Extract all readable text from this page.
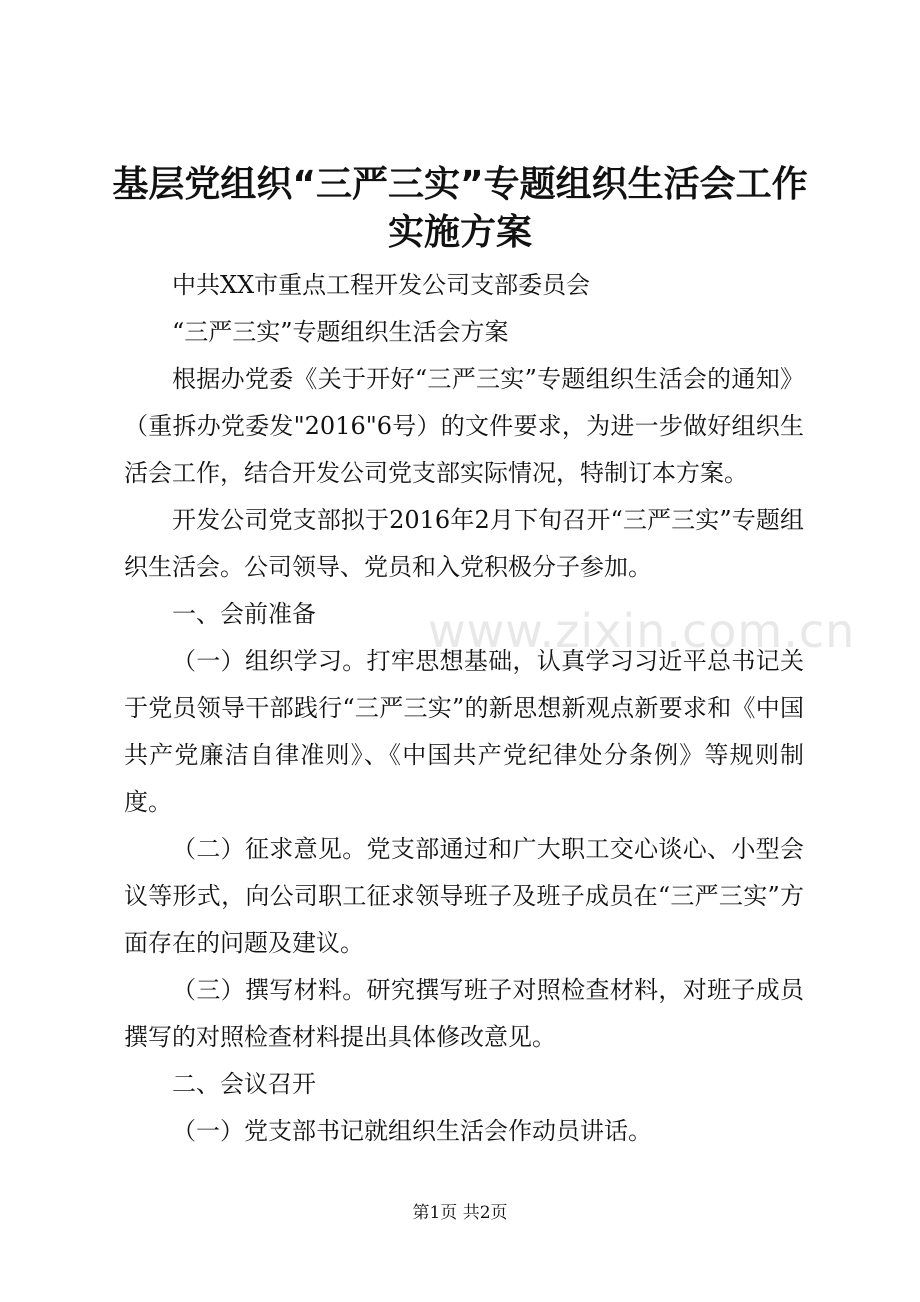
基层党组织“三严三实”专题组织生活会工作
实施方案

中共XX市重点工程开发公司支部委员会

“三严三实”专题组织生活会方案

根据办党委《关于开好“三严三实”专题组织生活会的通知》（重拆办党委发"2016"6号）的文件要求，为进一步做好组织生活会工作，结合开发公司党支部实际情况，特制订本方案。

开发公司党支部拟于2016年2月下旬召开“三严三实”专题组织生活会。公司领导、党员和入党积极分子参加。

一、会前准备

（一）组织学习。打牢思想基础，认真学习习近平总书记关于党员领导干部践行“三严三实”的新思想新观点新要求和《中国共产党廉洁自律准则》、《中国共产党纪律处分条例》等规则制度。

（二）征求意见。党支部通过和广大职工交心谈心、小型会议等形式，向公司职工征求领导班子及班子成员在“三严三实”方面存在的问题及建议。

（三）撰写材料。研究撰写班子对照检查材料，对班子成员撰写的对照检查材料提出具体修改意见。

二、会议召开

（一）党支部书记就组织生活会作动员讲话。

www.zixin.com.cn
第1页 共2页
